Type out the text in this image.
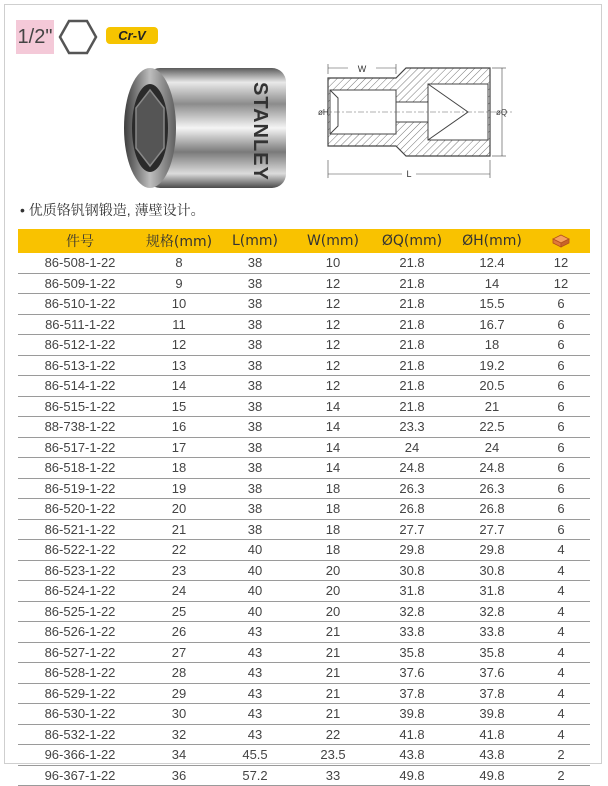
1/2"	Cr-V
STANLEY
W
øH	øQ
L
• 优质铬钒钢锻造, 薄壁设计。
件号	规格(mm)	L(mm)	W(mm)	ØQ(mm)	ØH(mm)	
86-508-1-22	8	38	10	21.8	12.4	12
86-509-1-22	9	38	12	21.8	14	12
86-510-1-22	10	38	12	21.8	15.5	6
86-511-1-22	11	38	12	21.8	16.7	6
86-512-1-22	12	38	12	21.8	18	6
86-513-1-22	13	38	12	21.8	19.2	6
86-514-1-22	14	38	12	21.8	20.5	6
86-515-1-22	15	38	14	21.8	21	6
88-738-1-22	16	38	14	23.3	22.5	6
86-517-1-22	17	38	14	24	24	6
86-518-1-22	18	38	14	24.8	24.8	6
86-519-1-22	19	38	18	26.3	26.3	6
86-520-1-22	20	38	18	26.8	26.8	6
86-521-1-22	21	38	18	27.7	27.7	6
86-522-1-22	22	40	18	29.8	29.8	4
86-523-1-22	23	40	20	30.8	30.8	4
86-524-1-22	24	40	20	31.8	31.8	4
86-525-1-22	25	40	20	32.8	32.8	4
86-526-1-22	26	43	21	33.8	33.8	4
86-527-1-22	27	43	21	35.8	35.8	4
86-528-1-22	28	43	21	37.6	37.6	4
86-529-1-22	29	43	21	37.8	37.8	4
86-530-1-22	30	43	21	39.8	39.8	4
86-532-1-22	32	43	22	41.8	41.8	4
96-366-1-22	34	45.5	23.5	43.8	43.8	2
96-367-1-22	36	57.2	33	49.8	49.8	2
